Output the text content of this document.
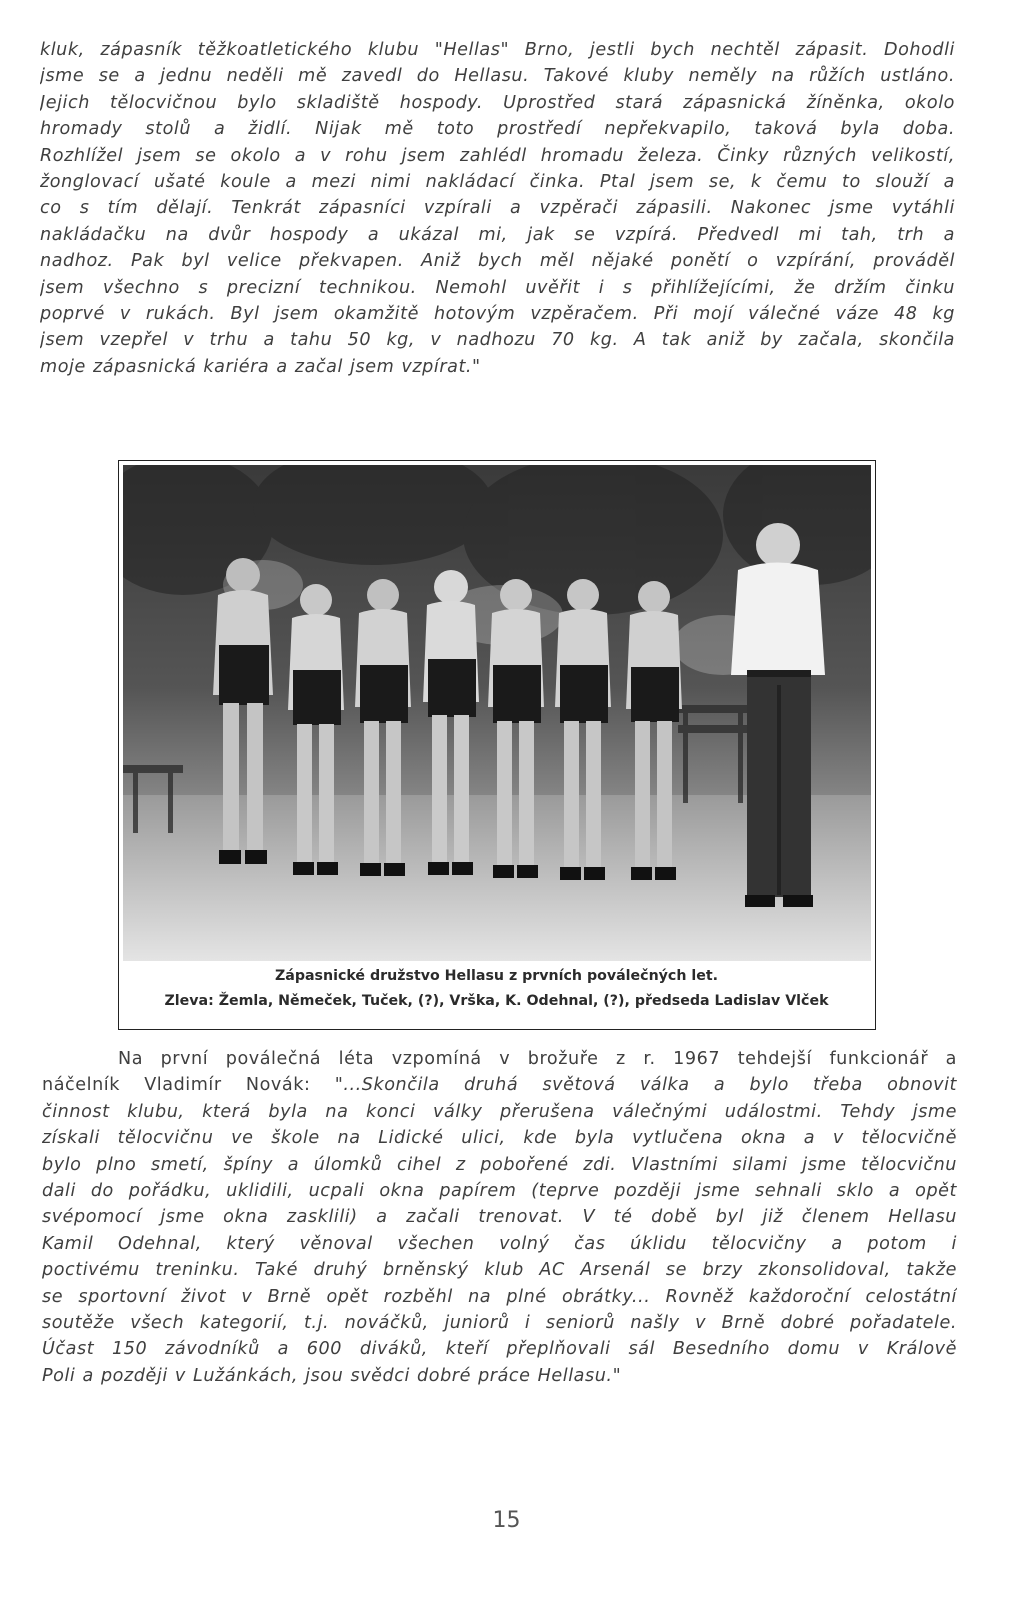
kluk, zápasník těžkoatletického klubu "Hellas" Brno, jestli bych nechtěl zápasit. Dohodli
jsme se a jednu neděli mě zavedl do Hellasu. Takové kluby neměly na růžích ustláno.
Jejich tělocvičnou bylo skladiště hospody. Uprostřed stará zápasnická žíněnka, okolo
hromady stolů a židlí. Nijak mě toto prostředí nepřekvapilo, taková byla doba.
Rozhlížel jsem se okolo a v rohu jsem zahlédl hromadu železa. Činky různých velikostí,
žonglovací ušaté koule a mezi nimi nakládací činka. Ptal jsem se, k čemu to slouží a
co s tím dělají. Tenkrát zápasníci vzpírali a vzpěrači zápasili. Nakonec jsme vytáhli
nakládačku na dvůr hospody a ukázal mi, jak se vzpírá. Předvedl mi tah, trh a
nadhoz. Pak byl velice překvapen. Aniž bych měl nějaké ponětí o vzpírání, prováděl
jsem všechno s precizní technikou. Nemohl uvěřit i s přihlížejícími, že držím činku
poprvé v rukách. Byl jsem okamžitě hotovým vzpěračem. Při mojí válečné váze 48 kg
jsem vzepřel v trhu a tahu 50 kg, v nadhozu 70 kg. A tak aniž by začala, skončila
moje zápasnická kariéra a začal jsem vzpírat."
Zápasnické družstvo Hellasu z prvních poválečných let.
Zleva: Žemla, Němeček, Tuček, (?), Vrška, K. Odehnal, (?), předseda Ladislav Vlček
Na první poválečná léta vzpomíná v brožuře z r. 1967 tehdejší funkcionář a
náčelník Vladimír Novák: "...Skončila druhá světová válka a bylo třeba obnovit
činnost klubu, která byla na konci války přerušena válečnými událostmi. Tehdy jsme
získali tělocvičnu ve škole na Lidické ulici, kde byla vytlučena okna a v tělocvičně
bylo plno smetí, špíny a úlomků cihel z pobořené zdi. Vlastními silami jsme tělocvičnu
dali do pořádku, uklidili, ucpali okna papírem (teprve později jsme sehnali sklo a opět
svépomocí jsme okna zasklili) a začali trenovat. V té době byl již členem Hellasu
Kamil Odehnal, který věnoval všechen volný čas úklidu tělocvičny a potom i
poctivému treninku. Také druhý brněnský klub AC Arsenál se brzy zkonsolidoval, takže
se sportovní život v Brně opět rozběhl na plné obrátky... Rovněž každoroční celostátní
soutěže všech kategorií, t.j. nováčků, juniorů i seniorů našly v Brně dobré pořadatele.
Účast 150 závodníků a 600 diváků, kteří přeplňovali sál Besedního domu v Králově
Poli a později v Lužánkách, jsou svědci dobré práce Hellasu."
15
